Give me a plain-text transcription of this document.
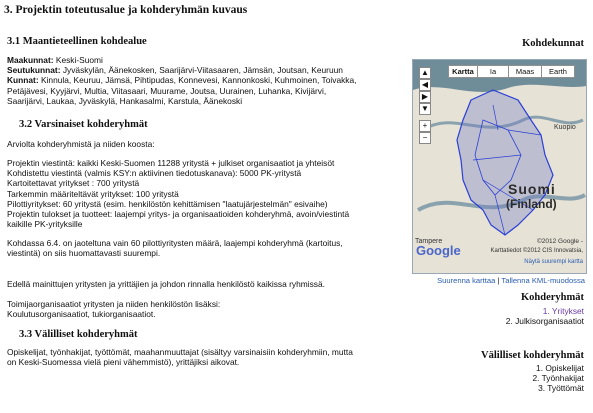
3. Projektin toteutusalue ja kohderyhmän kuvaus
3.1 Maantieteellinen kohdealue
Maakunnat: Keski-Suomi
Seutukunnat: Jyväskylän, Äänekosken, Saarijärvi-Viitasaaren, Jämsän, Joutsan, Keuruun
Kunnat: Kinnula, Keuruu, Jämsä, Pihtipudas, Konnevesi, Kannonkoski, Kuhmoinen, Toivakka,
Petäjävesi, Kyyjärvi, Multia, Viitasaari, Muurame, Joutsa, Uurainen, Luhanka, Kivijärvi,
Saarijärvi, Laukaa, Jyväskylä, Hankasalmi, Karstula, Äänekoski
3.2 Varsinaiset kohderyhmät
Arviolta kohderyhmistä ja niiden koosta:
Projektin viestintä: kaikki Keski-Suomen 11288 yritystä + julkiset organisaatiot ja yhteisöt
Kohdistettu viestintä (valmis KSY:n aktiivinen tiedotuskanava): 5000 PK-yritystä
Kartoitettavat yritykset : 700 yritystä
Tarkemmin määriteltävät yritykset: 100 yritystä
Pilottiyritykset: 60 yritystä (esim. henkilöstön kehittämisen "laatujärjestelmän" esivaihe)
Projektin tulokset ja tuotteet: laajempi yritys- ja organisaatioiden kohderyhmä, avoin/viestintä
kaikille PK-yrityksille
Kohdassa 6.4. on jaoteltuna vain 60 pilottiyritysten määrä, laajempi kohderyhmä (kartoitus,
viestintä) on siis huomattavasti suurempi.
Edellä mainittujen yritysten ja yrittäjien ja johdon rinnalla henkilöstö kaikissa ryhmissä.
Toimijaorganisaatiot yritysten ja niiden henkilöstön lisäksi:
Koulutusorganisaatiot, tukiorganisaatiot.
3.3 Välilliset kohderyhmät
Opiskelijat, työnhakijat, työttömät, maahanmuuttajat (sisältyy varsinaisiin kohderyhmiin, mutta
on Keski-Suomessa vielä pieni vähemmistö), yrittäjiksi aikovat.
Kohdekunnat
Kartta	Ia	Maas	Earth
▲
◀
▶
▼
+
−
Kuopio
Tampere
Suomi
(Finland)
Google
©2012 Google -
Karttatiedot ©2012 CIS Innovatsia,
Näytä suurempi kartta
Suurenna karttaa | Tallenna KML-muodossa
Kohderyhmät
1. Yritykset
2. Julkisorganisaatiot
Välilliset kohderyhmät
1. Opiskelijat
2. Työnhakijat
3. Työttömät
